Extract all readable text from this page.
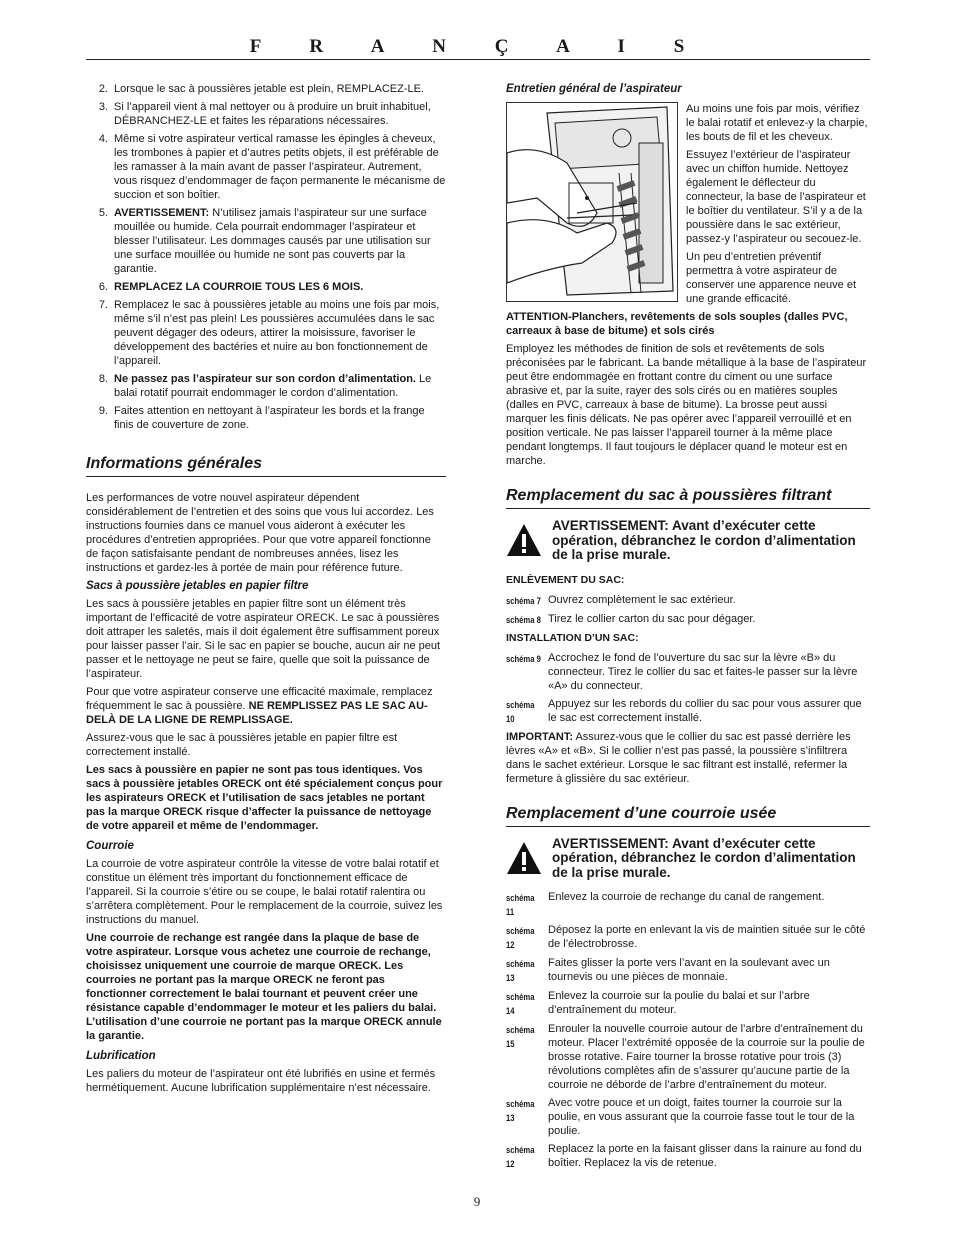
F R A N Ç A I S
2. Lorsque le sac à poussières jetable est plein, REMPLACEZ-LE.
3. Si l’appareil vient à mal nettoyer ou à produire un bruit inhabituel, DÉBRANCHEZ-LE et faites les réparations nécessaires.
4. Même si votre aspirateur vertical ramasse les épingles à cheveux, les trombones à papier et d’autres petits objets, il est préférable de les ramasser à la main avant de passer l’aspirateur. Autrement, vous risquez d’endommager de façon permanente le mécanisme de succion et son boîtier.
5. AVERTISSEMENT: N’utilisez jamais l’aspirateur sur une surface mouillée ou humide. Cela pourrait endommager l’aspirateur et blesser l’utilisateur. Les dommages causés par une utilisation sur une surface mouillée ou humide ne sont pas couverts par la garantie.
6. REMPLACEZ LA COURROIE TOUS LES 6 MOIS.
7. Remplacez le sac à poussières jetable au moins une fois par mois, même s’il n’est pas plein! Les poussières accumulées dans le sac peuvent dégager des odeurs, attirer la moisissure, favoriser le développement des bactéries et nuire au bon fonctionnement de l’appareil.
8. Ne passez pas l’aspirateur sur son cordon d’alimentation. Le balai rotatif pourrait endommager le cordon d’alimentation.
9. Faites attention en nettoyant à l’aspirateur les bords et la frange finis de couverture de zone.
Informations générales

Les performances de votre nouvel aspirateur dépendent considérablement de l’entretien et des soins que vous lui accordez. Les instructions fournies dans ce manuel vous aideront à exécuter les procédures d’entretien appropriées. Pour que votre appareil fonctionne de façon satisfaisante pendant de nombreuses années, lisez les instructions et gardez-les à portée de main pour référence future.

Sacs à poussière jetables en papier filtre

Les sacs à poussière jetables en papier filtre sont un élément très important de l’efficacité de votre aspirateur ORECK. Le sac à poussières doit attraper les saletés, mais il doit également être suffisamment poreux pour laisser passer l’air. Si le sac en papier se bouche, aucun air ne peut passer et le nettoyage ne peut se faire, quelle que soit la puissance de l’aspirateur.

Pour que votre aspirateur conserve une efficacité maximale, remplacez fréquemment le sac à poussière. NE REMPLISSEZ PAS LE SAC AU-DELÀ DE LA LIGNE DE REMPLISSAGE.

Assurez-vous que le sac à poussières jetable en papier filtre est correctement installé.

Les sacs à poussière en papier ne sont pas tous identiques. Vos sacs à poussière jetables ORECK ont été spécialement conçus pour les aspirateurs ORECK et l’utilisation de sacs jetables ne portant pas la marque ORECK risque d’affecter la puissance de nettoyage de votre appareil et même de l’endommager.

Courroie

La courroie de votre aspirateur contrôle la vitesse de votre balai rotatif et constitue un élément très important du fonctionnement efficace de l’appareil. Si la courroie s’étire ou se coupe, le balai rotatif ralentira ou s’arrêtera complètement. Pour le remplacement de la courroie, suivez les instructions du manuel.

Une courroie de rechange est rangée dans la plaque de base de votre aspirateur. Lorsque vous achetez une courroie de rechange, choisissez uniquement une courroie de marque ORECK. Les courroies ne portant pas la marque ORECK ne feront pas fonctionner correctement le balai tournant et peuvent créer une résistance capable d’endommager le moteur et les paliers du balai. L’utilisation d’une courroie ne portant pas la marque ORECK annule la garantie.

Lubrification

Les paliers du moteur de l’aspirateur ont été lubrifiés en usine et fermés hermétiquement. Aucune lubrification supplémentaire n’est nécessaire.

Entretien général de l’aspirateur

Au moins une fois par mois, vérifiez le balai rotatif et enlevez-y la charpie, les bouts de fil et les cheveux.

Essuyez l’extérieur de l’aspirateur avec un chiffon humide. Nettoyez également le déflecteur du connecteur, la base de l’aspirateur et le boîtier du ventilateur. S’il y a de la poussière dans le sac extérieur, passez-y l’aspirateur ou secouez-le.

Un peu d’entretien préventif permettra à votre aspirateur de conserver une apparence neuve et une grande efficacité.

ATTENTION-Planchers, revêtements de sols souples (dalles PVC, carreaux à base de bitume) et sols cirés

Employez les méthodes de finition de sols et revêtements de sols préconisées par le fabricant. La bande métallique à la base de l’aspirateur peut être endommagée en frottant contre du ciment ou une surface abrasive et, par la suite, rayer des sols cirés ou en matières souples (dalles en PVC, carreaux à base de bitume). La brosse peut aussi marquer les finis délicats. Ne pas opérer avec l’appareil verrouillé et en position verticale. Ne pas laisser l’appareil tourner à la même place pendant longtemps. Il faut toujours le déplacer quand le moteur est en marche.

Remplacement du sac à poussières filtrant
AVERTISSEMENT: Avant d’exécuter cette opération, débranchez le cordon d’alimentation de la prise murale.
ENLÈVEMENT DU SAC:
schéma 7 Ouvrez complètement le sac extérieur.
schéma 8 Tirez le collier carton du sac pour dégager.
INSTALLATION D’UN SAC:
schéma 9 Accrochez le fond de l’ouverture du sac sur la lèvre «B» du connecteur. Tirez le collier du sac et faites-le passer sur la lèvre «A» du connecteur.
schéma 10
Appuyez sur les rebords du collier du sac pour vous assurer que le sac est correctement installé.

IMPORTANT: Assurez-vous que le collier du sac est passé derrière les lèvres «A» et «B». Si le collier n’est pas passé, la poussière s’infiltrera dans le sachet extérieur. Lorsque le sac filtrant est installé, refermer la fermeture à glissière du sac extérieur.

Remplacement d’une courroie usée
AVERTISSEMENT: Avant d’exécuter cette opération, débranchez le cordon d’alimentation de la prise murale.
schéma 11
Enlevez la courroie de rechange du canal de rangement.
schéma 12
Déposez la porte en enlevant la vis de maintien située sur le côté de l’électrobrosse.
schéma 13
Faites glisser la porte vers l’avant en la soulevant avec un tournevis ou une pièces de monnaie.
schéma 14
Enlevez la courroie sur la poulie du balai et sur l’arbre d’entraînement du moteur.
schéma 15
Enrouler la nouvelle courroie autour de l’arbre d’entraînement du moteur. Placer l’extrémité opposée de la courroie sur la poulie de brosse rotative. Faire tourner la brosse rotative pour trois (3) révolutions complètes afin de s’assurer qu’aucune partie de la courroie ne déborde de l’arbre d’entraînement du moteur.
schéma 13
Avec votre pouce et un doigt, faites tourner la courroie sur la poulie, en vous assurant que la courroie fasse tout le tour de la poulie.
schéma 12
Replacez la porte en la faisant glisser dans la rainure au fond du boîtier. Replacez la vis de retenue.
9
